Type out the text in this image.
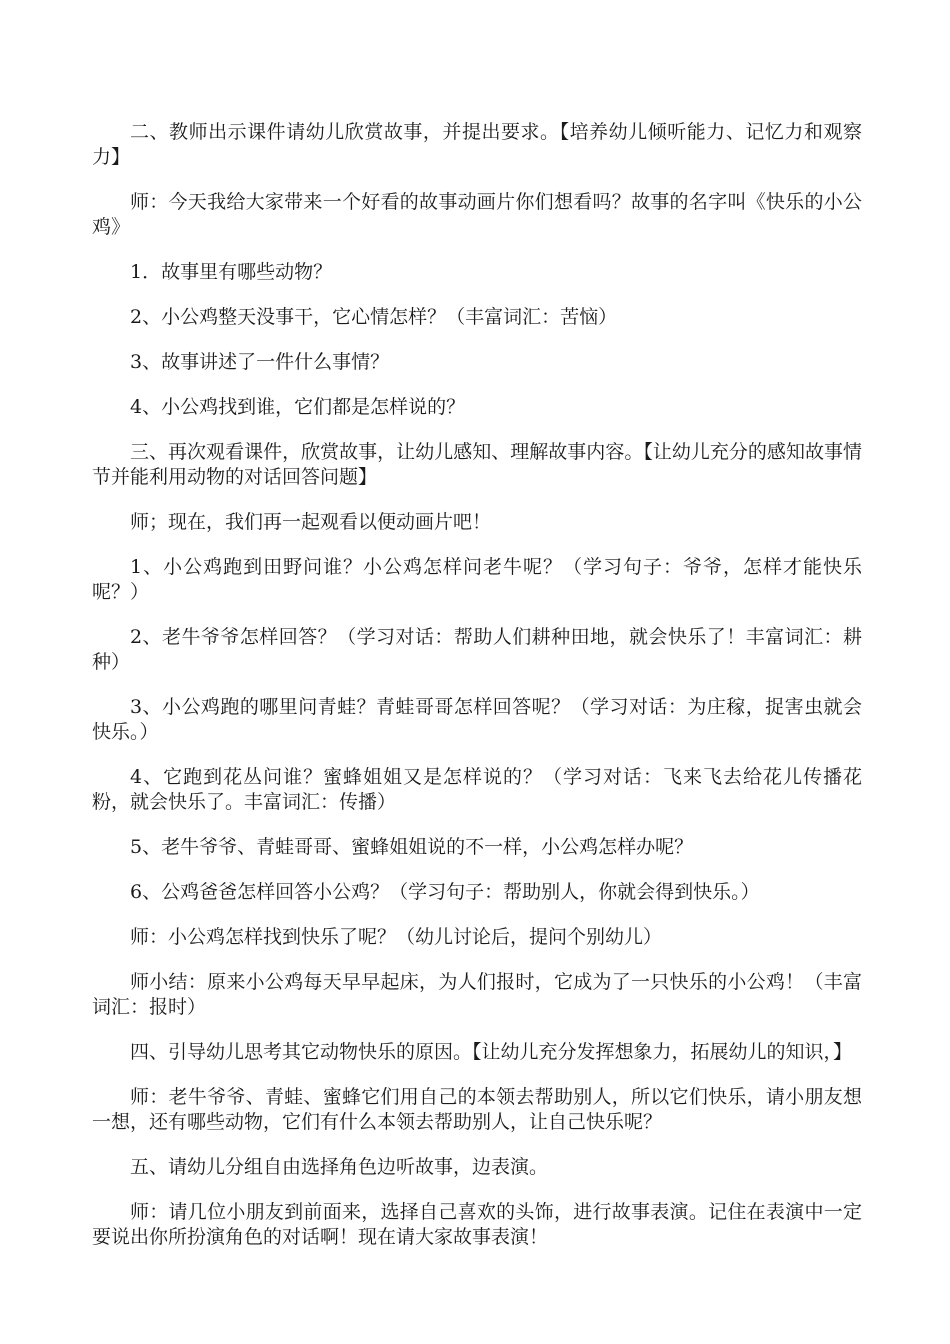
二、教师出示课件请幼儿欣赏故事，并提出要求。【培养幼儿倾听能力、记忆力和观察力】

师：今天我给大家带来一个好看的故事动画片你们想看吗？故事的名字叫《快乐的小公鸡》

1．故事里有哪些动物？

2、小公鸡整天没事干，它心情怎样？（丰富词汇：苦恼）

3、故事讲述了一件什么事情？

4、小公鸡找到谁，它们都是怎样说的？

三、再次观看课件，欣赏故事，让幼儿感知、理解故事内容。【让幼儿充分的感知故事情节并能利用动物的对话回答问题】

师；现在，我们再一起观看以便动画片吧！

1、小公鸡跑到田野问谁？小公鸡怎样问老牛呢？（学习句子：爷爷，怎样才能快乐呢？）

2、老牛爷爷怎样回答？（学习对话：帮助人们耕种田地，就会快乐了！丰富词汇：耕种）

3、小公鸡跑的哪里问青蛙？青蛙哥哥怎样回答呢？（学习对话：为庄稼，捉害虫就会快乐。）

4、它跑到花丛问谁？蜜蜂姐姐又是怎样说的？（学习对话：飞来飞去给花儿传播花粉，就会快乐了。丰富词汇：传播）

5、老牛爷爷、青蛙哥哥、蜜蜂姐姐说的不一样，小公鸡怎样办呢？

6、公鸡爸爸怎样回答小公鸡？（学习句子：帮助别人，你就会得到快乐。）

师：小公鸡怎样找到快乐了呢？（幼儿讨论后，提问个别幼儿）

师小结：原来小公鸡每天早早起床，为人们报时，它成为了一只快乐的小公鸡！（丰富词汇：报时）

四、引导幼儿思考其它动物快乐的原因。【让幼儿充分发挥想象力，拓展幼儿的知识，】

师：老牛爷爷、青蛙、蜜蜂它们用自己的本领去帮助别人，所以它们快乐，请小朋友想一想，还有哪些动物，它们有什么本领去帮助别人，让自己快乐呢？

五、请幼儿分组自由选择角色边听故事，边表演。

师：请几位小朋友到前面来，选择自己喜欢的头饰，进行故事表演。记住在表演中一定要说出你所扮演角色的对话啊！现在请大家故事表演！
